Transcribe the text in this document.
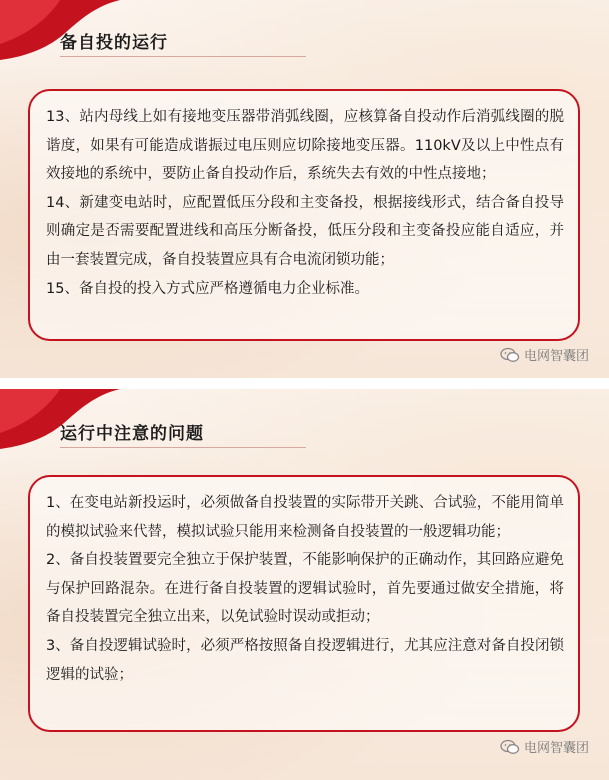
备自投的运行

13、站内母线上如有接地变压器带消弧线圈，应核算备自投动作后消弧线圈的脱谐度，如果有可能造成谐振过电压则应切除接地变压器。110kV及以上中性点有效接地的系统中，要防止备自投动作后，系统失去有效的中性点接地；

14、新建变电站时，应配置低压分段和主变备投，根据接线形式，结合备自投导则确定是否需要配置进线和高压分断备投，低压分段和主变备投应能自适应，并由一套装置完成，备自投装置应具有合电流闭锁功能；

15、备自投的投入方式应严格遵循电力企业标准。

电网智囊团
运行中注意的问题

1、在变电站新投运时，必须做备自投装置的实际带开关跳、合试验，不能用简单的模拟试验来代替，模拟试验只能用来检测备自投装置的一般逻辑功能；

2、备自投装置要完全独立于保护装置，不能影响保护的正确动作，其回路应避免与保护回路混杂。在进行备自投装置的逻辑试验时，首先要通过做安全措施，将备自投装置完全独立出来，以免试验时误动或拒动；

3、备自投逻辑试验时，必须严格按照备自投逻辑进行，尤其应注意对备自投闭锁逻辑的试验；

电网智囊团
